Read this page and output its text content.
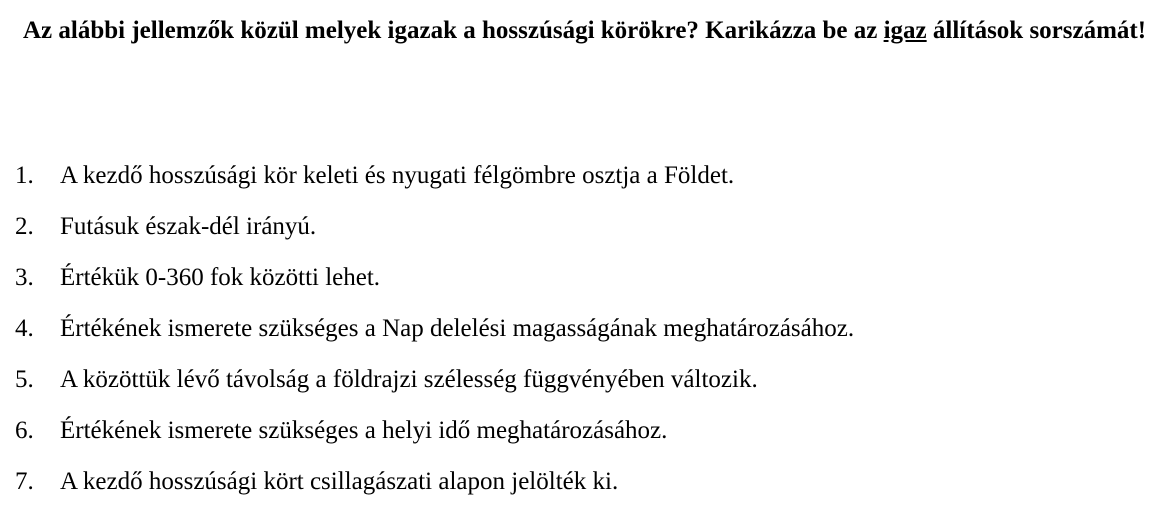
Az alábbi jellemzők közül melyek igazak a hosszúsági körökre? Karikázza be az igaz állítások sorszámát!

1.	A kezdő hosszúsági kör keleti és nyugati félgömbre osztja a Földet.
2.	Futásuk észak-dél irányú.
3.	Értékük 0-360 fok közötti lehet.
4.	Értékének ismerete szükséges a Nap delelési magasságának meghatározásához.
5.	A közöttük lévő távolság a földrajzi szélesség függvényében változik.
6.	Értékének ismerete szükséges a helyi idő meghatározásához.
7.	A kezdő hosszúsági kört csillagászati alapon jelölték ki.
